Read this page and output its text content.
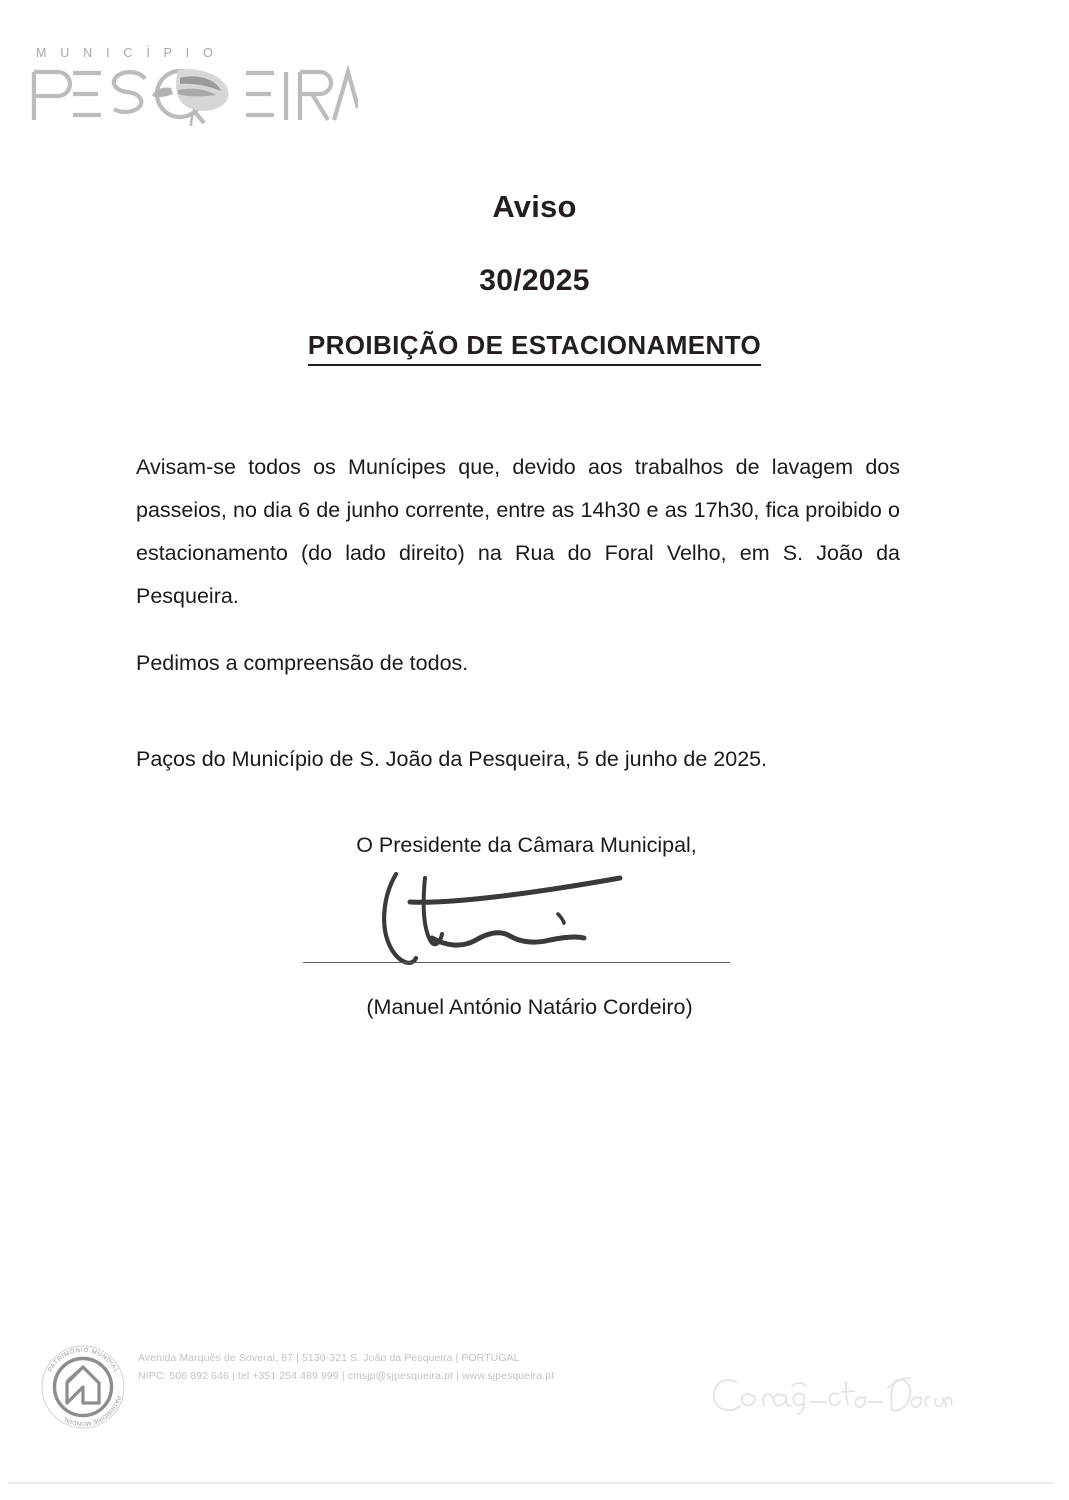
M U N I C Í P I O
Aviso
30/2025
PROIBIÇÃO DE ESTACIONAMENTO

Avisam-se todos os Munícipes que, devido aos trabalhos de lavagem dos passeios, no dia 6 de junho corrente, entre as 14h30 e as 17h30, fica proibido o estacionamento (do lado direito) na Rua do Foral Velho, em S. João da Pesqueira.

Pedimos a compreensão de todos.

Paços do Município de S. João da Pesqueira, 5 de junho de 2025.

O Presidente da Câmara Municipal,
(Manuel António Natário Cordeiro)
PATRIMÓNIO MUNDIAL
PATRIMOINE MONDIAL
Avenida Marquês de Soveral, 67 | 5130-321 S. João da Pesqueira | PORTUGAL
NIPC: 506 892 646 | tel +351 254 489 999 | cmsjp@sjpesqueira.pt | www.sjpesqueira.pt
